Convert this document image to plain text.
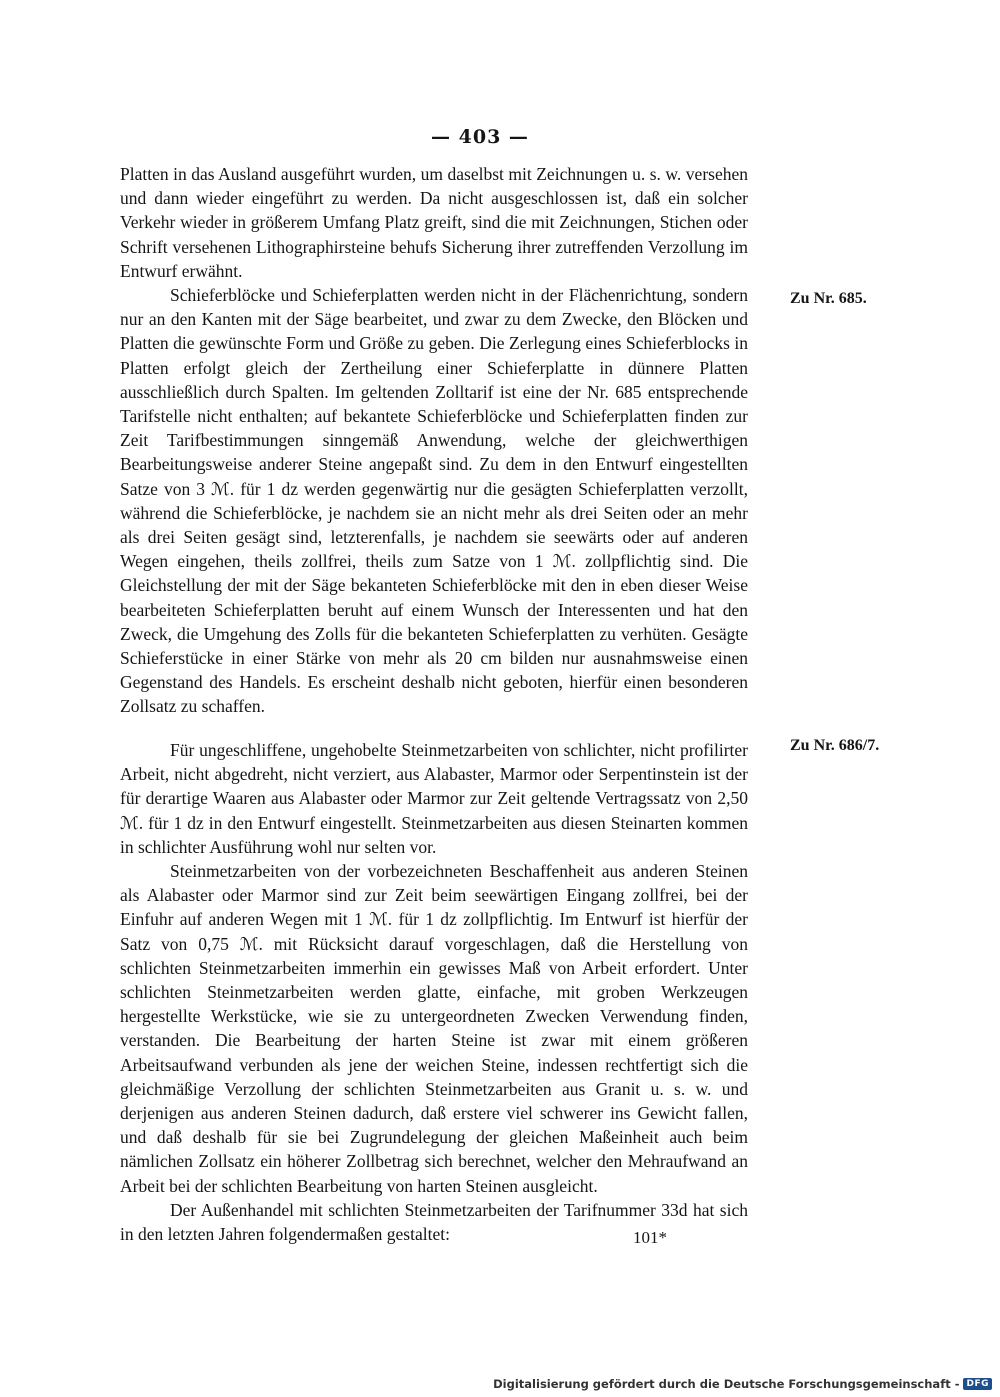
— 403 —

Platten in das Ausland ausgeführt wurden, um daselbst mit Zeichnungen u. s. w. versehen und dann wieder eingeführt zu werden. Da nicht ausgeschlossen ist, daß ein solcher Verkehr wieder in größerem Umfang Platz greift, sind die mit Zeichnungen, Stichen oder Schrift versehenen Lithographirsteine behufs Sicherung ihrer zutreffenden Verzollung im Entwurf erwähnt.

Schieferblöcke und Schieferplatten werden nicht in der Flächenrichtung, sondern nur an den Kanten mit der Säge bearbeitet, und zwar zu dem Zwecke, den Blöcken und Platten die gewünschte Form und Größe zu geben. Die Zerlegung eines Schieferblocks in Platten erfolgt gleich der Zertheilung einer Schieferplatte in dünnere Platten ausschließlich durch Spalten. Im geltenden Zolltarif ist eine der Nr. 685 entsprechende Tarifstelle nicht enthalten; auf bekantete Schieferblöcke und Schieferplatten finden zur Zeit Tarifbestimmungen sinngemäß Anwendung, welche der gleichwerthigen Bearbeitungsweise anderer Steine angepaßt sind. Zu dem in den Entwurf eingestellten Satze von 3 ℳ. für 1 dz werden gegenwärtig nur die gesägten Schieferplatten verzollt, während die Schieferblöcke, je nachdem sie an nicht mehr als drei Seiten oder an mehr als drei Seiten gesägt sind, letzterenfalls, je nachdem sie seewärts oder auf anderen Wegen eingehen, theils zollfrei, theils zum Satze von 1 ℳ. zollpflichtig sind. Die Gleichstellung der mit der Säge bekanteten Schieferblöcke mit den in eben dieser Weise bearbeiteten Schieferplatten beruht auf einem Wunsch der Interessenten und hat den Zweck, die Umgehung des Zolls für die bekanteten Schieferplatten zu verhüten. Gesägte Schieferstücke in einer Stärke von mehr als 20 cm bilden nur ausnahmsweise einen Gegenstand des Handels. Es erscheint deshalb nicht geboten, hierfür einen besonderen Zollsatz zu schaffen.

Zu Nr. 685.

Für ungeschliffene, ungehobelte Steinmetzarbeiten von schlichter, nicht profilirter Arbeit, nicht abgedreht, nicht verziert, aus Alabaster, Marmor oder Serpentinstein ist der für derartige Waaren aus Alabaster oder Marmor zur Zeit geltende Vertragssatz von 2,50 ℳ. für 1 dz in den Entwurf eingestellt. Steinmetzarbeiten aus diesen Steinarten kommen in schlichter Ausführung wohl nur selten vor.

Steinmetzarbeiten von der vorbezeichneten Beschaffenheit aus anderen Steinen als Alabaster oder Marmor sind zur Zeit beim seewärtigen Eingang zollfrei, bei der Einfuhr auf anderen Wegen mit 1 ℳ. für 1 dz zollpflichtig. Im Entwurf ist hierfür der Satz von 0,75 ℳ. mit Rücksicht darauf vorgeschlagen, daß die Herstellung von schlichten Steinmetzarbeiten immerhin ein gewisses Maß von Arbeit erfordert. Unter schlichten Steinmetzarbeiten werden glatte, einfache, mit groben Werkzeugen hergestellte Werkstücke, wie sie zu untergeordneten Zwecken Verwendung finden, verstanden. Die Bearbeitung der harten Steine ist zwar mit einem größeren Arbeitsaufwand verbunden als jene der weichen Steine, indessen rechtfertigt sich die gleichmäßige Verzollung der schlichten Steinmetzarbeiten aus Granit u. s. w. und derjenigen aus anderen Steinen dadurch, daß erstere viel schwerer ins Gewicht fallen, und daß deshalb für sie bei Zugrundelegung der gleichen Maßeinheit auch beim nämlichen Zollsatz ein höherer Zollbetrag sich berechnet, welcher den Mehraufwand an Arbeit bei der schlichten Bearbeitung von harten Steinen ausgleicht.

Der Außenhandel mit schlichten Steinmetzarbeiten der Tarifnummer 33d hat sich in den letzten Jahren folgendermaßen gestaltet:

Zu Nr. 686/7.
101*
Digitalisierung gefördert durch die Deutsche Forschungsgemeinschaft - DFG
